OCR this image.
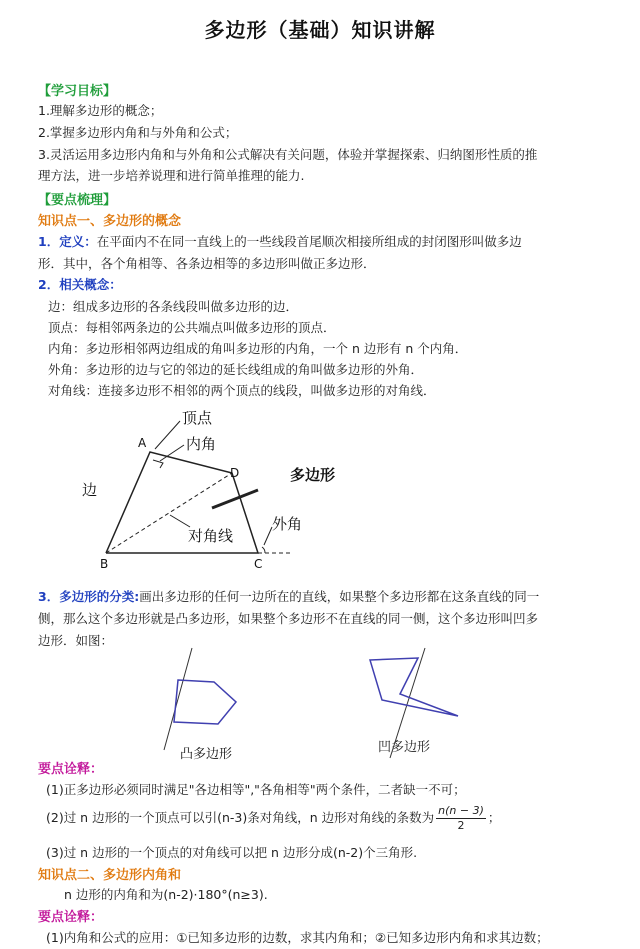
多边形（基础）知识讲解
【学习目标】
1.理解多边形的概念；
2.掌握多边形内角和与外角和公式；
3.灵活运用多边形内角和与外角和公式解决有关问题，体验并掌握探索、归纳图形性质的推
理方法，进一步培养说理和进行简单推理的能力.
【要点梳理】
知识点一、多边形的概念
1．定义：在平面内不在同一直线上的一些线段首尾顺次相接所组成的封闭图形叫做多边
形．其中，各个角相等、各条边相等的多边形叫做正多边形．
2．相关概念：
边：组成多边形的各条线段叫做多边形的边．
顶点：每相邻两条边的公共端点叫做多边形的顶点．
内角：多边形相邻两边组成的角叫多边形的内角，一个 n 边形有 n 个内角．
外角：多边形的边与它的邻边的延长线组成的角叫做多边形的外角．
对角线：连接多边形不相邻的两个顶点的线段，叫做多边形的对角线．
顶点
内角
边
多边形
对角线
外角
A
B	C
D
3．多边形的分类:画出多边形的任何一边所在的直线，如果整个多边形都在这条直线的同一
侧，那么这个多边形就是凸多边形，如果整个多边形不在直线的同一侧，这个多边形叫凹多
边形．如图：
凸多边形	凹多边形
要点诠释：
(1)正多边形必须同时满足"各边相等","各角相等"两个条件，二者缺一不可；
(2)过 n 边形的一个顶点可以引(n-3)条对角线，n 边形对角线的条数为 $\frac{n(n - 3)}{2}$ ；
(3)过 n 边形的一个顶点的对角线可以把 n 边形分成(n-2)个三角形.
知识点二、多边形内角和
n 边形的内角和为(n-2)·180°(n≥3).
要点诠释：
(1)内角和公式的应用：①已知多边形的边数，求其内角和；②已知多边形内角和求其边数；
